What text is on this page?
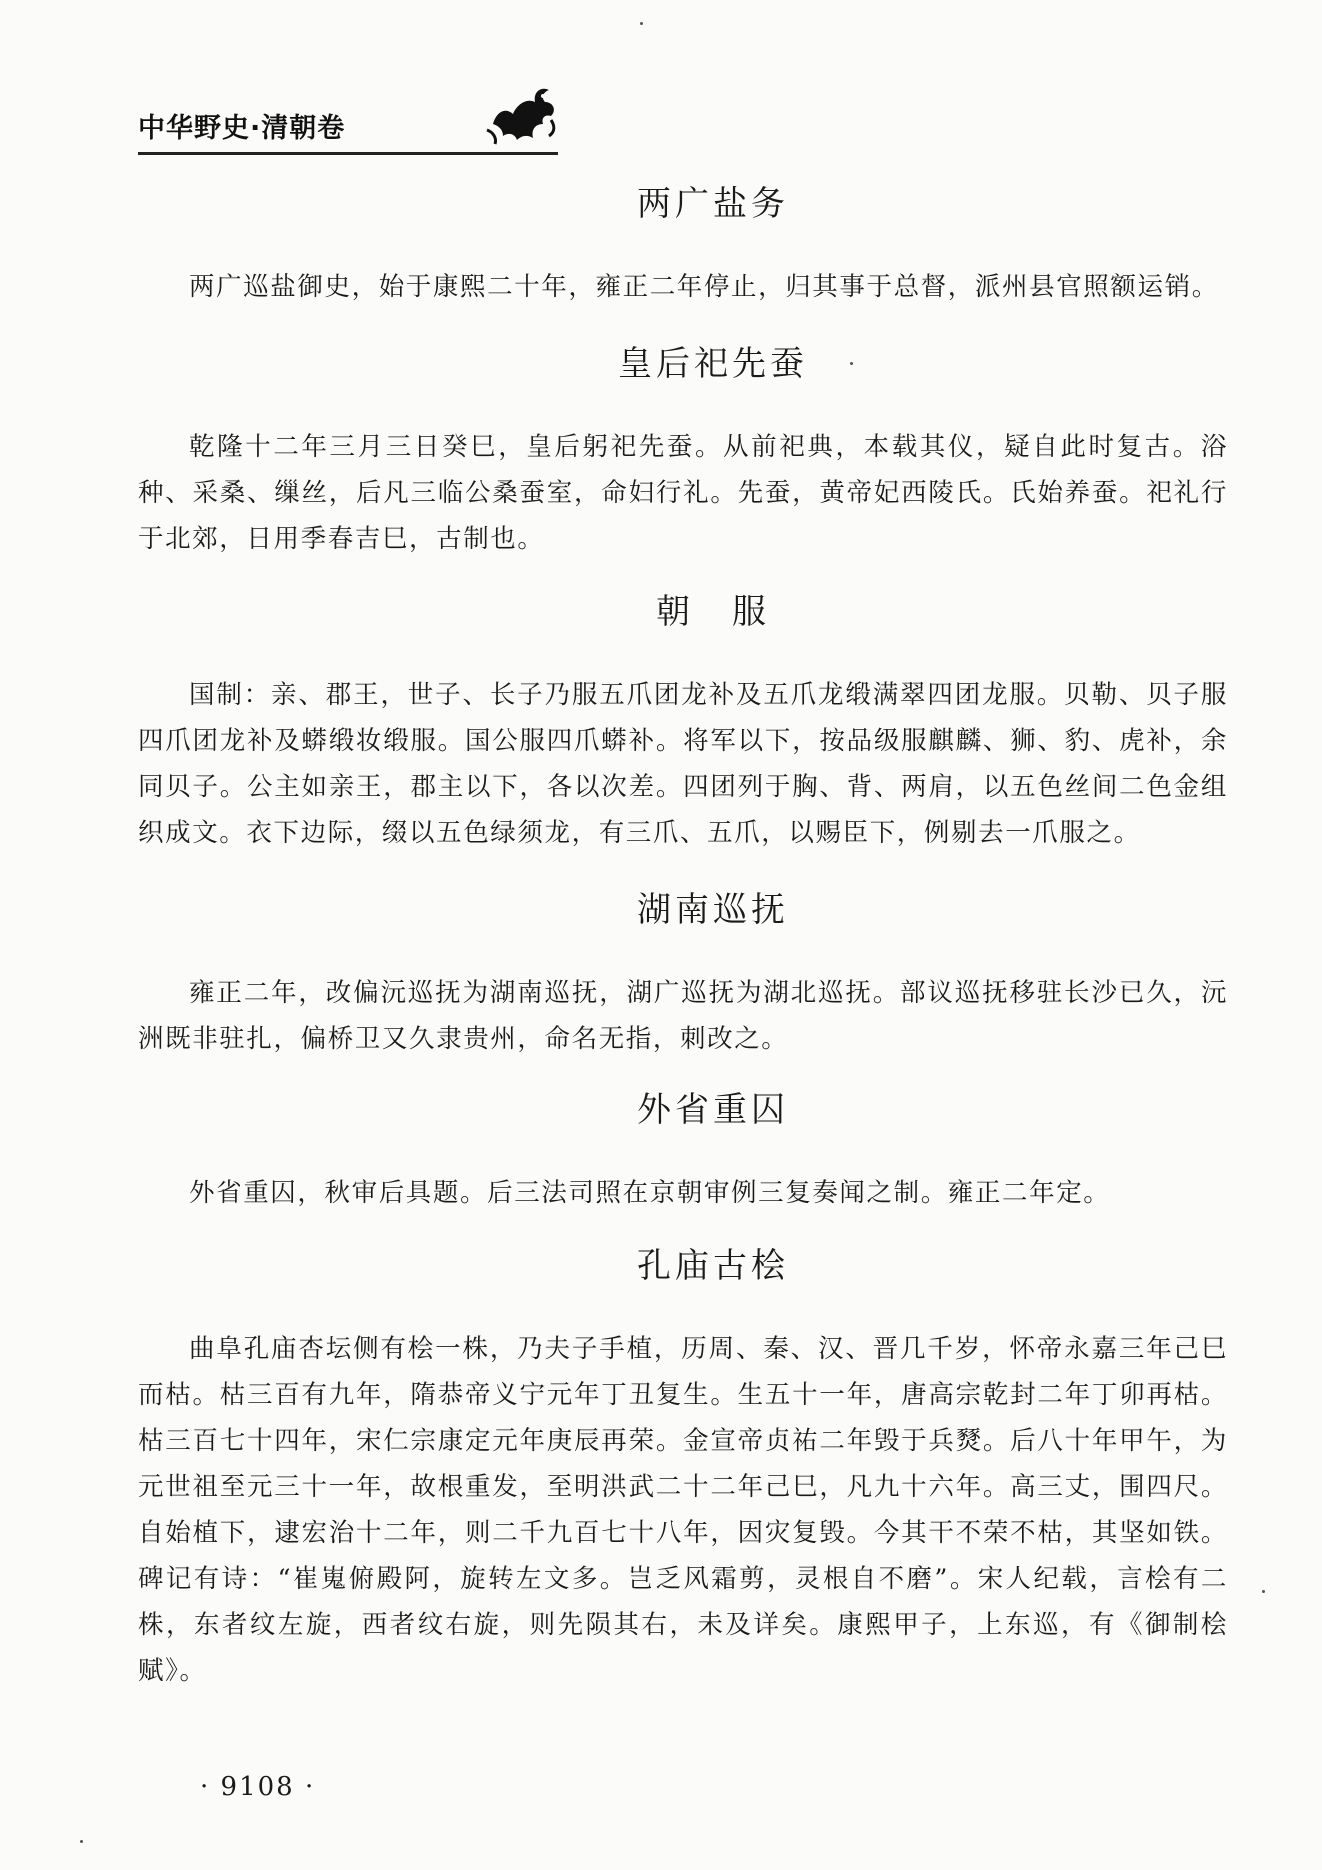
中华野史·清朝卷
两广盐务

两广巡盐御史，始于康熙二十年，雍正二年停止，归其事于总督，派州县官照额运销。

皇后祀先蚕

乾隆十二年三月三日癸巳，皇后躬祀先蚕。从前祀典，本载其仪，疑自此时复古。浴种、采桑、缫丝，后凡三临公桑蚕室，命妇行礼。先蚕，黄帝妃西陵氏。氏始养蚕。祀礼行于北郊，日用季春吉巳，古制也。

朝　服

国制：亲、郡王，世子、长子乃服五爪团龙补及五爪龙缎满翠四团龙服。贝勒、贝子服四爪团龙补及蟒缎妆缎服。国公服四爪蟒补。将军以下，按品级服麒麟、狮、豹、虎补，余同贝子。公主如亲王，郡主以下，各以次差。四团列于胸、背、两肩，以五色丝间二色金组织成文。衣下边际，缀以五色绿须龙，有三爪、五爪，以赐臣下，例剔去一爪服之。

湖南巡抚

雍正二年，改偏沅巡抚为湖南巡抚，湖广巡抚为湖北巡抚。部议巡抚移驻长沙已久，沅洲既非驻扎，偏桥卫又久隶贵州，命名无指，刺改之。

外省重囚

外省重囚，秋审后具题。后三法司照在京朝审例三复奏闻之制。雍正二年定。

孔庙古桧

曲阜孔庙杏坛侧有桧一株，乃夫子手植，历周、秦、汉、晋几千岁，怀帝永嘉三年己巳而枯。枯三百有九年，隋恭帝义宁元年丁丑复生。生五十一年，唐高宗乾封二年丁卯再枯。枯三百七十四年，宋仁宗康定元年庚辰再荣。金宣帝贞祐二年毁于兵燹。后八十年甲午，为元世祖至元三十一年，故根重发，至明洪武二十二年己巳，凡九十六年。高三丈，围四尺。自始植下，逮宏治十二年，则二千九百七十八年，因灾复毁。今其干不荣不枯，其坚如铁。碑记有诗：“崔嵬俯殿阿，旋转左文多。岂乏风霜剪，灵根自不磨”。宋人纪载，言桧有二株，东者纹左旋，西者纹右旋，则先陨其右，未及详矣。康熙甲子，上东巡，有《御制桧赋》。

· 9108 ·
